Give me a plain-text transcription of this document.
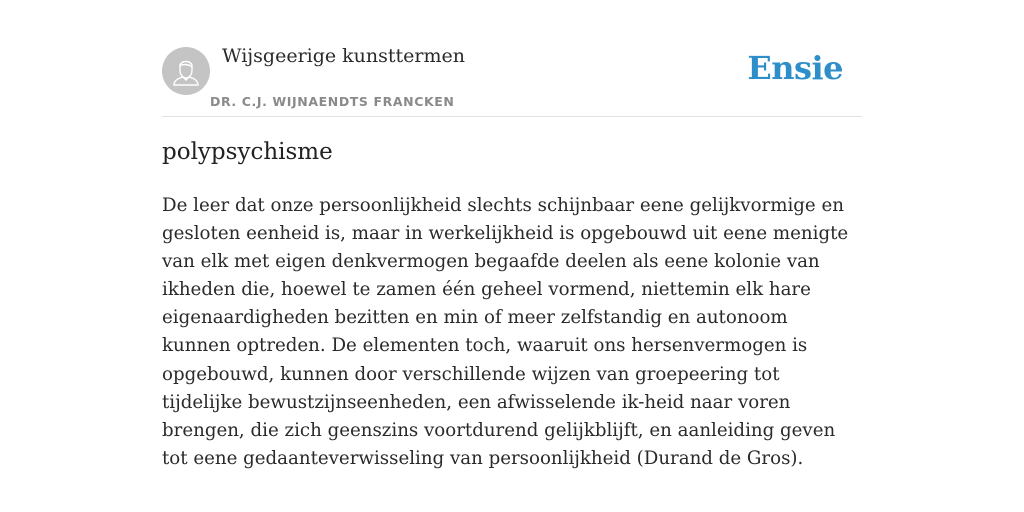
Wijsgeerige kunsttermen
DR. C.J. WIJNAENDTS FRANCKEN
Ensie
polypsychisme

De leer dat onze persoonlijkheid slechts schijnbaar eene gelijkvormige en gesloten eenheid is, maar in werkelijkheid is opgebouwd uit eene menigte van elk met eigen denkvermogen begaafde deelen als eene kolonie van ikheden die, hoewel te zamen één geheel vormend, niettemin elk hare eigenaardigheden bezitten en min of meer zelfstandig en autonoom kunnen optreden. De elementen toch, waaruit ons hersenvermogen is opgebouwd, kunnen door verschillende wijzen van groepeering tot tijdelijke bewustzijnseenheden, een afwisselende ik-heid naar voren brengen, die zich geenszins voortdurend gelijkblijft, en aanleiding geven tot eene gedaanteverwisseling van persoonlijkheid (Durand de Gros).
